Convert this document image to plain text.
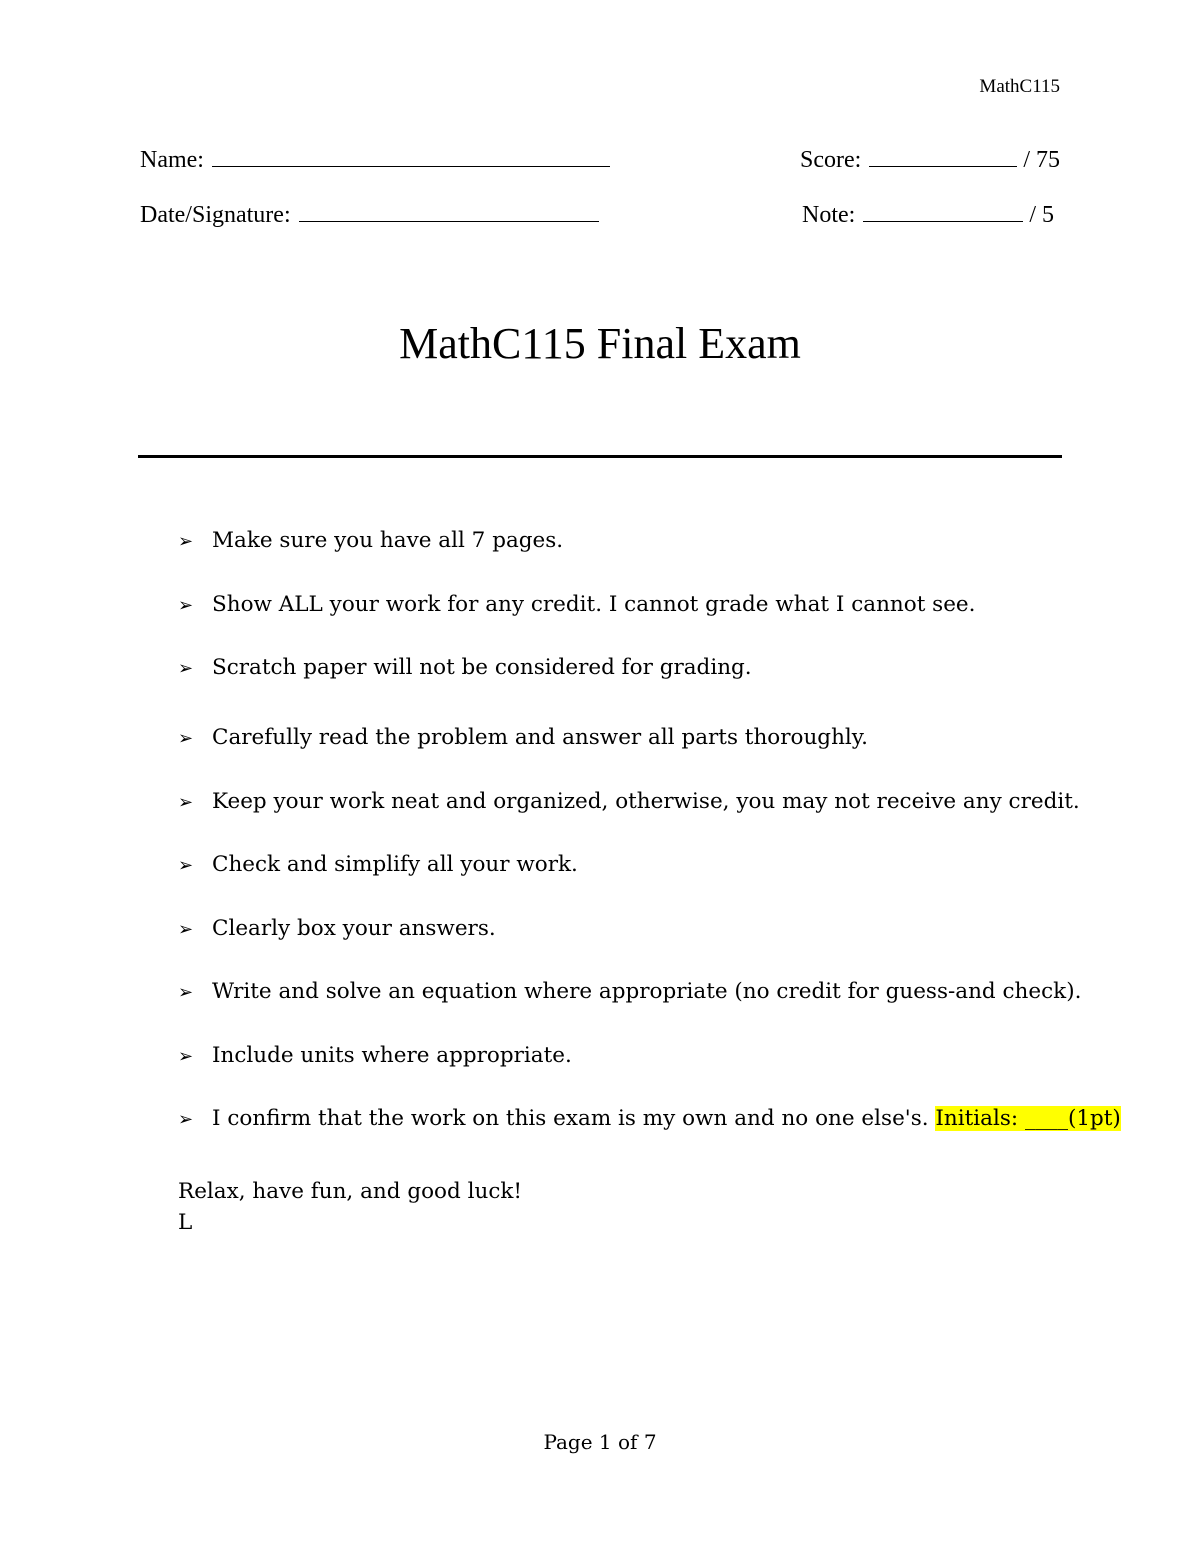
MathC115
Name:	Score:	/ 75
Date/Signature:	Note:	/ 5
MathC115 Final Exam
➢ Make sure you have all 7 pages.
➢ Show ALL your work for any credit. I cannot grade what I cannot see.
➢ Scratch paper will not be considered for grading.
➢ Carefully read the problem and answer all parts thoroughly.
➢ Keep your work neat and organized, otherwise, you may not receive any credit.
➢ Check and simplify all your work.
➢ Clearly box your answers.
➢ Write and solve an equation where appropriate (no credit for guess-and check).
➢ Include units where appropriate.
➢ I confirm that the work on this exam is my own and no one else's.
Initials: ____(1pt)
Relax, have fun, and good luck!
L
Page 1 of 7
